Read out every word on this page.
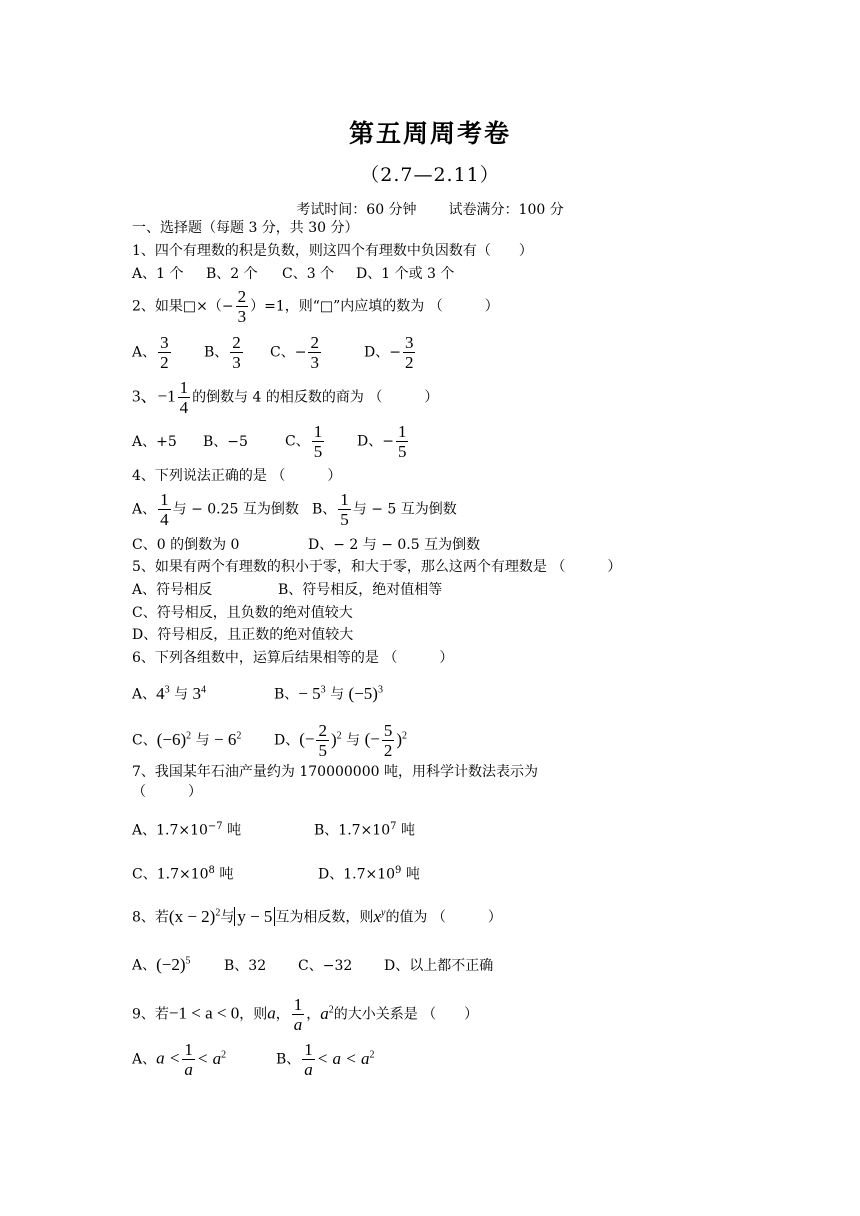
第五周周考卷
（2.7—2.11）
考试时间：60 分钟 试卷满分：100 分
一、选择题（每题 3 分，共 30 分）
1、四个有理数的积是负数，则这四个有理数中负因数有（　　）
A、1 个 B、2 个 C、3 个 D、1 个或 3 个
2、如果□×（− $\frac{2}{3} )=1$，则“□”内应填的数为 （　　　）
A、 $\frac{3}{2}$ B、 $\frac{2}{3}$ C、− $\frac{2}{3}$	D、− $\frac{3}{2}$
3、$-1 \frac{1}{4}$ 的倒数与 4 的相反数的商为 （　　　）
A、+5 B、−5	C、 $\frac{1}{5}$ D、− $\frac{1}{5}$
4、下列说法正确的是 （　　　）
A、 $\frac{1}{4}$ 与 − 0.25 互为倒数 B、 $\frac{1}{5}$ 与 − 5 互为倒数
C、0 的倒数为 0	D、− 2 与 − 0.5 互为倒数
5、如果有两个有理数的积小于零，和大于零，那么这两个有理数是 （　　　）
A、符号相反	B、符号相反，绝对值相等
C、符号相反，且负数的绝对值较大
D、符号相反，且正数的绝对值较大
6、下列各组数中，运算后结果相等的是 （　　　）
A、$4^3$ 与 $3^4$	B、− $5^3$ 与 $(-5)^3$
C、$(-6)^2$ 与 − $6^2$ D、(− $\frac{2}{5} )^2$ 与 (− $\frac{5}{2} )^2$
7、我国某年石油产量约为 170000000 吨，用科学计数法表示为
（　　　）
A、$1.7\times 10^{-7}$ 吨	B、$1.7\times 10^7$ 吨
C、$1.7\times 10^8$ 吨	D、$1.7\times 10^9$ 吨
8、若$(x - 2)^2$与 y − 5 互为相反数，则$x^y$的值为 （　　　）
A、$(-2)^5$ B、32 C、−32 D、以上都不正确
9、若−1 < a < 0，则a， $\frac{1}{a}$ ，$a^2$的大小关系是 （　　）
A、$a < \frac{1}{a} < a^2$	B、 $\frac{1}{a} < a < a^2$
